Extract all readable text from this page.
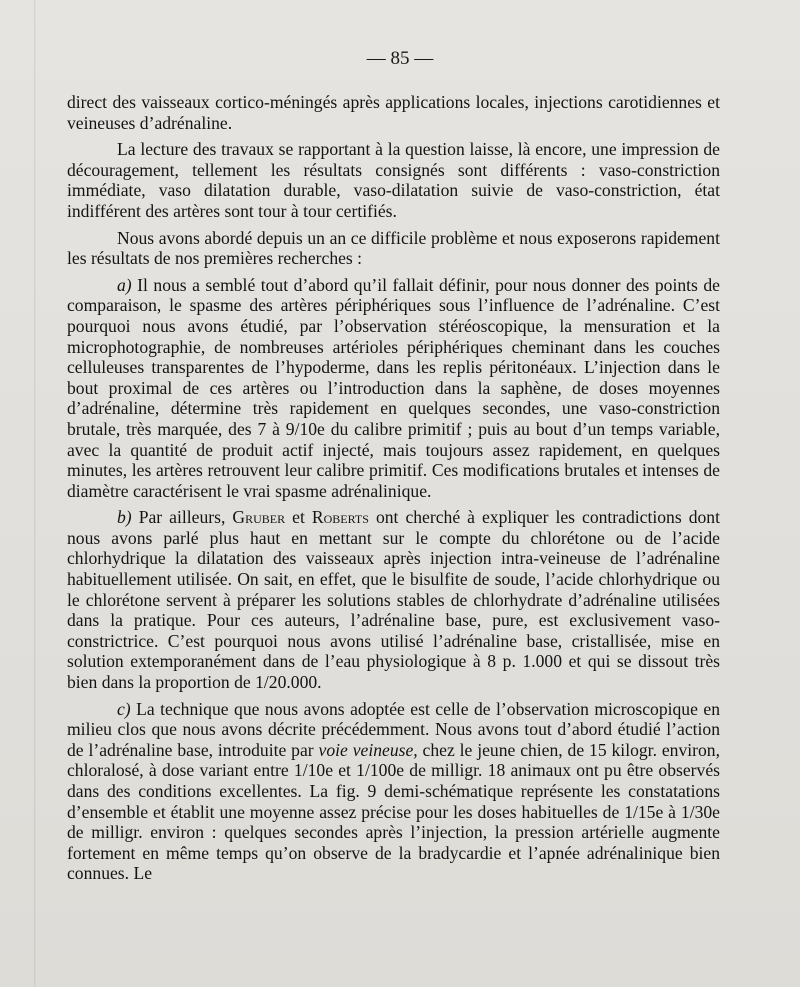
— 85 —

direct des vaisseaux cortico-méningés après applications locales, injections carotidiennes et veineuses d’adrénaline.

La lecture des travaux se rapportant à la question laisse, là encore, une impression de découragement, tellement les résultats consignés sont différents : vaso-constriction immédiate, vaso dilatation durable, vaso-dilatation suivie de vaso-constriction, état indifférent des artères sont tour à tour certifiés.

Nous avons abordé depuis un an ce difficile problème et nous exposerons rapidement les résultats de nos premières recherches :

a) Il nous a semblé tout d’abord qu’il fallait définir, pour nous donner des points de comparaison, le spasme des artères périphériques sous l’influence de l’adrénaline. C’est pourquoi nous avons étudié, par l’observation stéréoscopique, la mensuration et la microphotographie, de nombreuses artérioles périphériques cheminant dans les couches celluleuses transparentes de l’hypoderme, dans les replis péritonéaux. L’injection dans le bout proximal de ces artères ou l’introduction dans la saphène, de doses moyennes d’adrénaline, détermine très rapidement en quelques secondes, une vaso-constriction brutale, très marquée, des 7 à 9/10e du calibre primitif ; puis au bout d’un temps variable, avec la quantité de produit actif injecté, mais toujours assez rapidement, en quelques minutes, les artères retrouvent leur calibre primitif. Ces modifications brutales et intenses de diamètre caractérisent le vrai spasme adrénalinique.

b) Par ailleurs, Gruber et Roberts ont cherché à expliquer les contradictions dont nous avons parlé plus haut en mettant sur le compte du chlorétone ou de l’acide chlorhydrique la dilatation des vaisseaux après injection intra-veineuse de l’adrénaline habituellement utilisée. On sait, en effet, que le bisulfite de soude, l’acide chlorhydrique ou le chlorétone servent à préparer les solutions stables de chlorhydrate d’adrénaline utilisées dans la pratique. Pour ces auteurs, l’adrénaline base, pure, est exclusivement vaso-constrictrice. C’est pourquoi nous avons utilisé l’adrénaline base, cristallisée, mise en solution extemporanément dans de l’eau physiologique à 8 p. 1.000 et qui se dissout très bien dans la proportion de 1/20.000.

c) La technique que nous avons adoptée est celle de l’observation microscopique en milieu clos que nous avons décrite précédemment. Nous avons tout d’abord étudié l’action de l’adrénaline base, introduite par voie veineuse, chez le jeune chien, de 15 kilogr. environ, chloralosé, à dose variant entre 1/10e et 1/100e de milligr. 18 animaux ont pu être observés dans des conditions excellentes. La fig. 9 demi-schématique représente les constatations d’ensemble et établit une moyenne assez précise pour les doses habituelles de 1/15e à 1/30e de milligr. environ : quelques secondes après l’injection, la pression artérielle augmente fortement en même temps qu’on observe de la bradycardie et l’apnée adrénalinique bien connues. Le
